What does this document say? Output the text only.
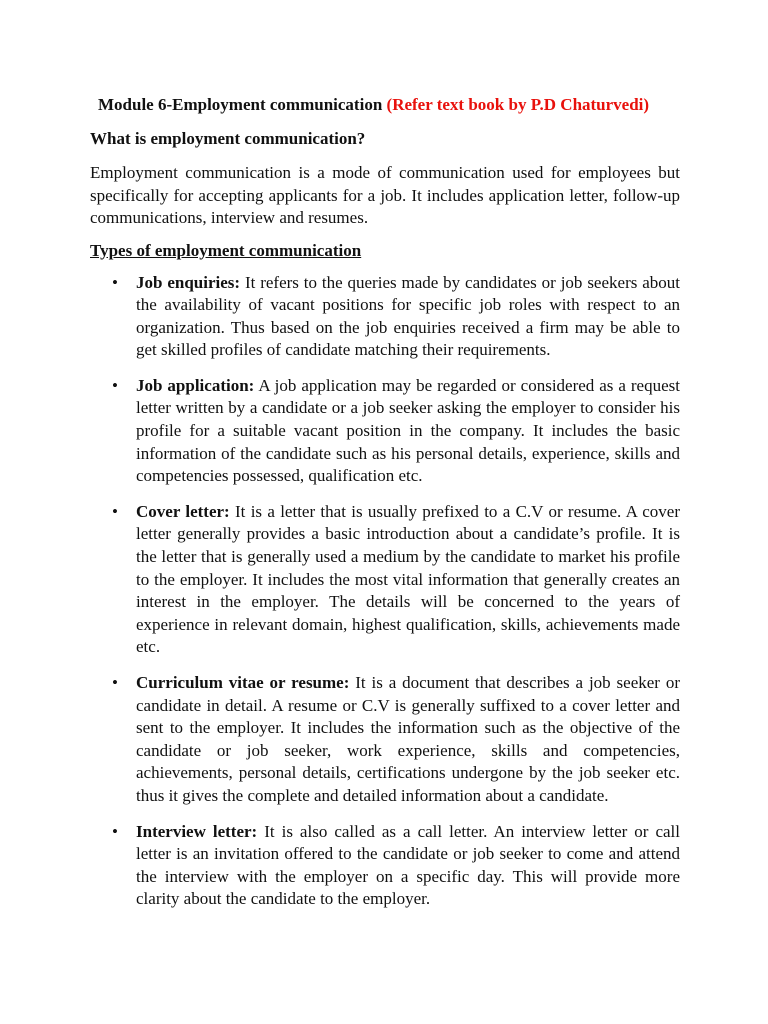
Module 6-Employment communication (Refer text book by P.D Chaturvedi)

What is employment communication?

Employment communication is a mode of communication used for employees but specifically for accepting applicants for a job. It includes application letter, follow-up communications, interview and resumes.

Types of employment communication

• Job enquiries: It refers to the queries made by candidates or job seekers about the availability of vacant positions for specific job roles with respect to an organization. Thus based on the job enquiries received a firm may be able to get skilled profiles of candidate matching their requirements.
• Job application: A job application may be regarded or considered as a request letter written by a candidate or a job seeker asking the employer to consider his profile for a suitable vacant position in the company. It includes the basic information of the candidate such as his personal details, experience, skills and competencies possessed, qualification etc.
• Cover letter: It is a letter that is usually prefixed to a C.V or resume. A cover letter generally provides a basic introduction about a candidate’s profile. It is the letter that is generally used a medium by the candidate to market his profile to the employer. It includes the most vital information that generally creates an interest in the employer. The details will be concerned to the years of experience in relevant domain, highest qualification, skills, achievements made etc.
• Curriculum vitae or resume: It is a document that describes a job seeker or candidate in detail. A resume or C.V is generally suffixed to a cover letter and sent to the employer. It includes the information such as the objective of the candidate or job seeker, work experience, skills and competencies, achievements, personal details, certifications undergone by the job seeker etc. thus it gives the complete and detailed information about a candidate.
• Interview letter: It is also called as a call letter. An interview letter or call letter is an invitation offered to the candidate or job seeker to come and attend the interview with the employer on a specific day. This will provide more clarity about the candidate to the employer.
